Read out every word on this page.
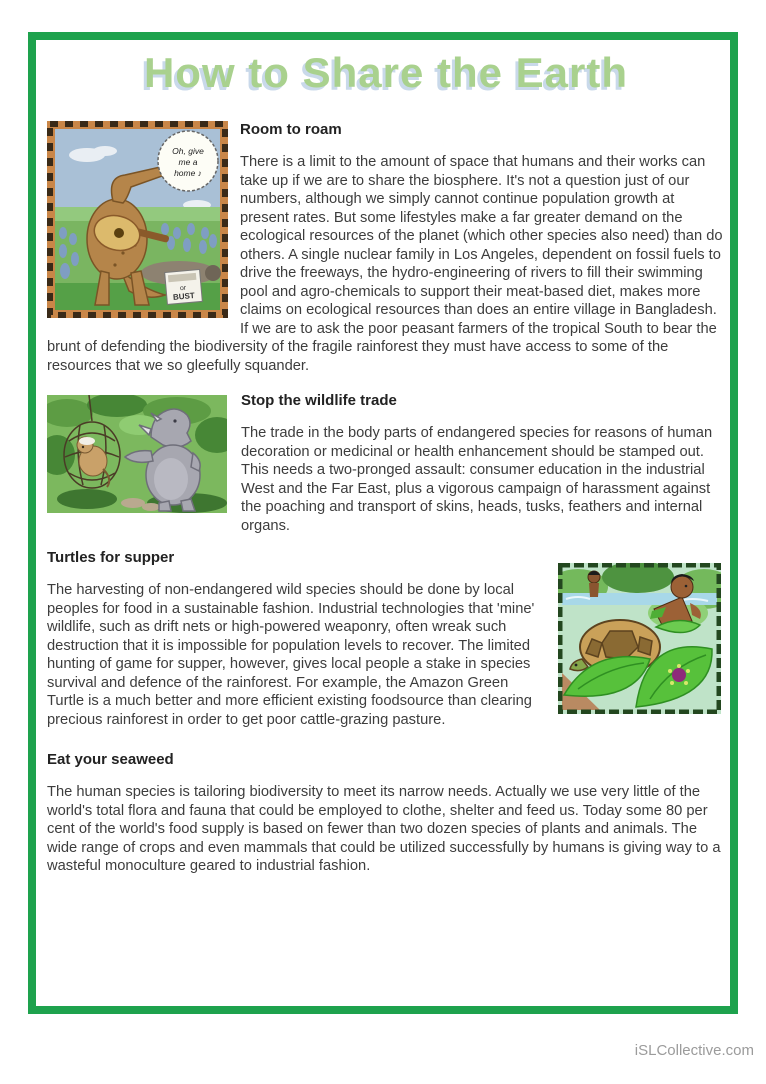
How to Share the Earth
Oh, give
me a
home ♪
or
BUST
Room to roam

There is a limit to the amount of space that humans and their works can take up if we are to share the biosphere. It's not a question just of our numbers, although we simply cannot continue population growth at present rates. But some lifestyles make a far greater demand on the ecological resources of the planet (which other species also need) than do others. A single nuclear family in Los Angeles, dependent on fossil fuels to drive the freeways, the hydro-engineering of rivers to fill their swimming pool and agro-chemicals to support their meat-based diet, makes more claims on ecological resources than does an entire village in Bangladesh. If we are to ask the poor peasant farmers of the tropical South to bear the brunt of defending the biodiversity of the fragile rainforest they must have access to some of the resources that we so gleefully squander.

Stop the wildlife trade

The trade in the body parts of endangered species for reasons of human decoration or medicinal or health enhancement should be stamped out. This needs a two-pronged assault: consumer education in the industrial West and the Far East, plus a vigorous campaign of harassment against the poaching and transport of skins, heads, tusks, feathers and internal organs.

Turtles for supper

The harvesting of non-endangered wild species should be done by local peoples for food in a sustainable fashion. Industrial technologies that 'mine' wildlife, such as drift nets or high-powered weaponry, often wreak such destruction that it is impossible for population levels to recover. The limited hunting of game for supper, however, gives local people a stake in species survival and defence of the rainforest. For example, the Amazon Green Turtle is a much better and more efficient existing foodsource than clearing precious rainforest in order to get poor cattle-grazing pasture.

Eat your seaweed

The human species is tailoring biodiversity to meet its narrow needs. Actually we use very little of the world's total flora and fauna that could be employed to clothe, shelter and feed us. Today some 80 per cent of the world's food supply is based on fewer than two dozen species of plants and animals. The wide range of crops and even mammals that could be utilized successfully by humans is giving way to a wasteful monoculture geared to industrial fashion.

iSLCollective.com
